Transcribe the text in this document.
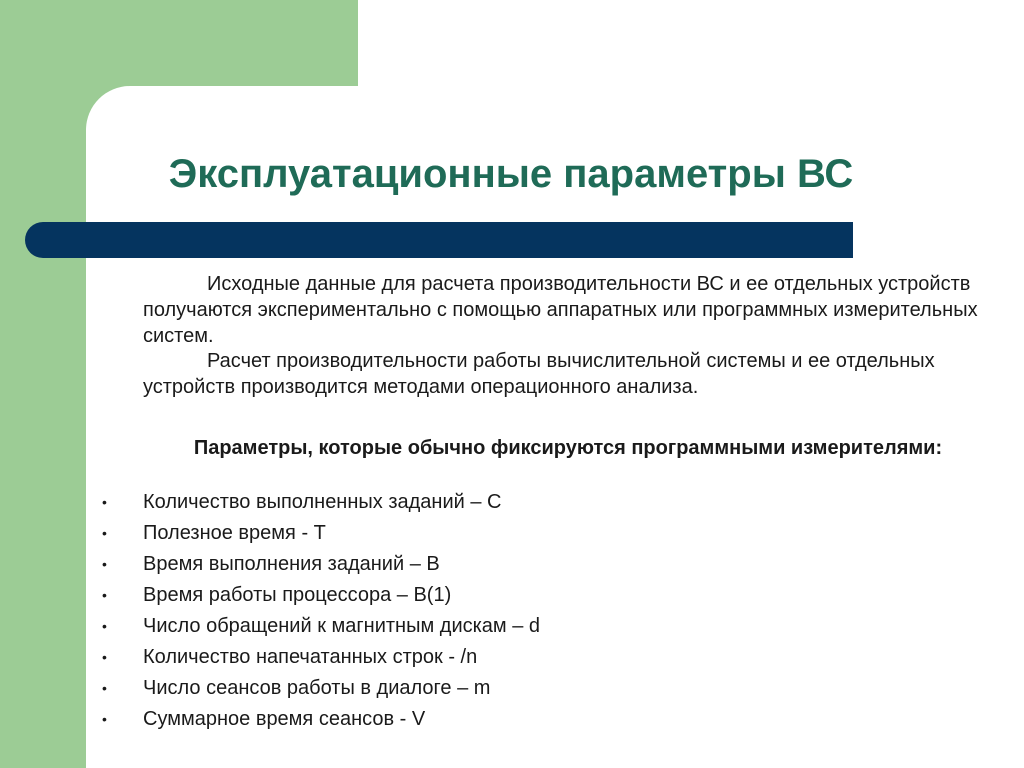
Эксплуатационные параметры ВС

Исходные данные для расчета производительности ВС и ее отдельных устройств получаются экспериментально с помощью аппаратных или программных измерительных систем.

Расчет производительности работы вычислительной системы и ее отдельных устройств производится методами операционного анализа.

Параметры, которые обычно фиксируются программными измерителями:

• Количество выполненных заданий – С
• Полезное время - Т
• Время выполнения заданий – В
• Время работы процессора – В(1)
• Число обращений к магнитным дискам – d
• Количество напечатанных строк - /n
• Число сеансов работы в диалоге – m
• Суммарное время сеансов - V
